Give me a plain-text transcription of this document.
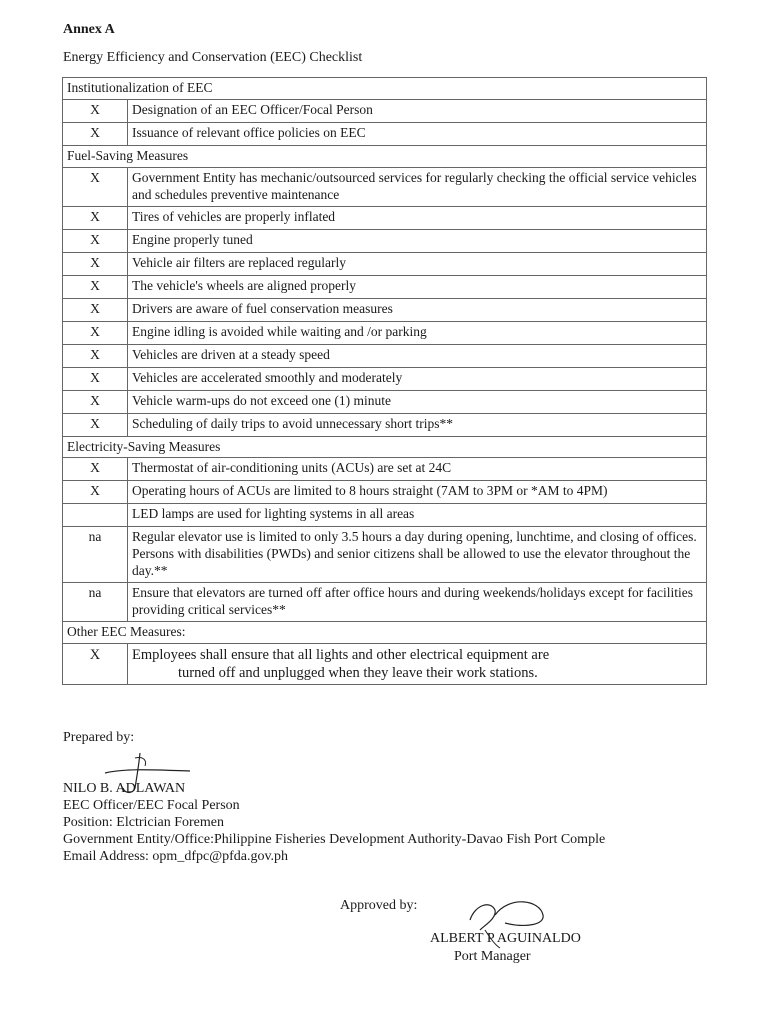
Annex A
Energy Efficiency and Conservation (EEC) Checklist
Institutionalization of EEC	
X	Designation of an EEC Officer/Focal Person
X	Issuance of relevant office policies on EEC
Fuel-Saving Measures	
X	Government Entity has mechanic/outsourced services for regularly checking the official service vehicles and schedules preventive maintenance
X	Tires of vehicles are properly inflated
X	Engine properly tuned
X	Vehicle air filters are replaced regularly
X	The vehicle's wheels are aligned properly
X	Drivers are aware of fuel conservation measures
X	Engine idling is avoided while waiting and /or parking
X	Vehicles are driven at a steady speed
X	Vehicles are accelerated smoothly and moderately
X	Vehicle warm-ups do not exceed one (1) minute
X	Scheduling of daily trips to avoid unnecessary short trips**
Electricity-Saving Measures	
X	Thermostat of air-conditioning units (ACUs) are set at 24C
X	Operating hours of ACUs are limited to 8 hours straight (7AM to 3PM or *AM to 4PM)
	LED lamps are used for lighting systems in all areas
na	Regular elevator use is limited to only 3.5 hours a day during opening, lunchtime, and closing of offices. Persons with disabilities (PWDs) and senior citizens shall be allowed to use the elevator throughout the day.**
na	Ensure that elevators are turned off after office hours and during weekends/holidays except for facilities providing critical services**
Other EEC Measures:	
X	Employees shall ensure that all lights and other electrical equipment are
turned off and unplugged when they leave their work stations.
Prepared by:
NILO B. ADLAWAN
EEC Officer/EEC Focal Person
Position: Elctrician Foremen
Government Entity/Office:Philippine Fisheries Development Authority-Davao Fish Port Comple
Email Address: opm_dfpc@pfda.gov.ph
Approved by:
ALBERT P AGUINALDO
Port Manager
